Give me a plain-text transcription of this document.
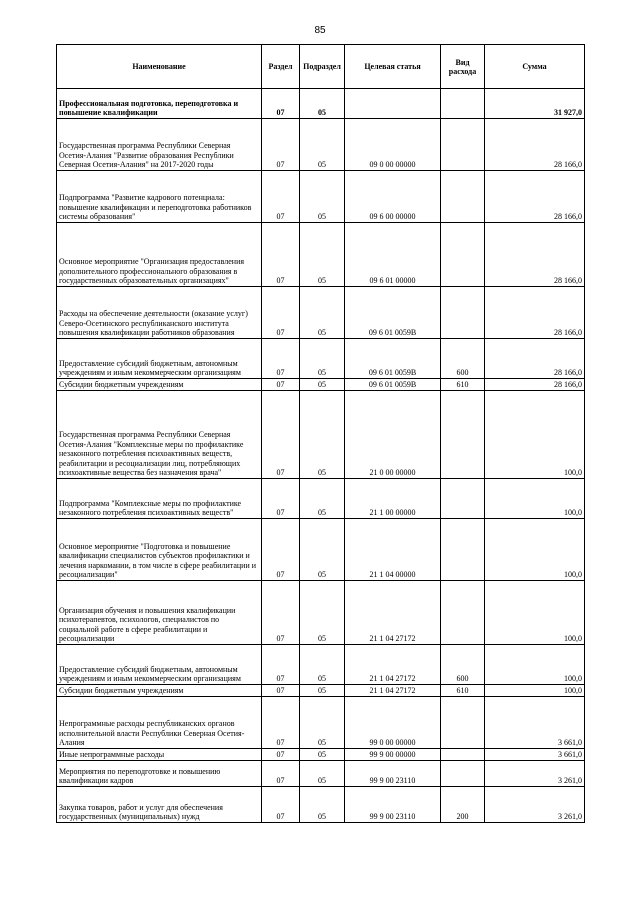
85
Наименование	Раздел	Подраздел	Целевая статья	Вид расхода	Сумма
Профессиональная подготовка, переподготовка и повышение квалификации	07	05			31 927,0
Государственная программа Республики Северная Осетия-Алания "Развитие образования Республики Северная Осетия-Алания" на 2017-2020 годы	07	05	09 0 00 00000		28 166,0
Подпрограмма "Развитие кадрового потенциала: повышение квалификации и переподготовка работников системы образования"	07	05	09 6 00 00000		28 166,0
Основное мероприятие "Организация предоставления дополнительного профессионального образования в государственных образовательных организациях"	07	05	09 6 01 00000		28 166,0
Расходы на обеспечение деятельности (оказание услуг) Северо-Осетинского республиканского института повышения квалификации работников образования	07	05	09 6 01 0059В		28 166,0
Предоставление субсидий бюджетным, автономным учреждениям и иным некоммерческим организациям	07	05	09 6 01 0059В	600	28 166,0
Субсидии бюджетным учреждениям	07	05	09 6 01 0059В	610	28 166,0
Государственная программа Республики Северная Осетия-Алания "Комплексные меры по профилактике незаконного потребления психоактивных веществ, реабилитации и ресоциализации лиц, потребляющих психоактивные вещества без назначения врача"	07	05	21 0 00 00000		100,0
Подпрограмма "Комплексные меры по профилактике незаконного потребления психоактивных веществ"	07	05	21 1 00 00000		100,0
Основное мероприятие "Подготовка и повышение квалификации специалистов субъектов профилактики и лечения наркомании, в том числе в сфере реабилитации и ресоциализации"	07	05	21 1 04 00000		100,0
Организация обучения и повышения квалификации психотерапевтов, психологов, специалистов по социальной работе в сфере реабилитации и ресоциализации	07	05	21 1 04 27172		100,0
Предоставление субсидий бюджетным, автономным учреждениям и иным некоммерческим организациям	07	05	21 1 04 27172	600	100,0
Субсидии бюджетным учреждениям	07	05	21 1 04 27172	610	100,0
Непрограммные расходы республиканских органов исполнительной власти Республики Северная Осетия-Алания	07	05	99 0 00 00000		3 661,0
Иные непрограммные расходы	07	05	99 9 00 00000		3 661,0
Мероприятия по переподготовке и повышению квалификации кадров	07	05	99 9 00 23110		3 261,0
Закупка товаров, работ и услуг для обеспечения государственных (муниципальных) нужд	07	05	99 9 00 23110	200	3 261,0
